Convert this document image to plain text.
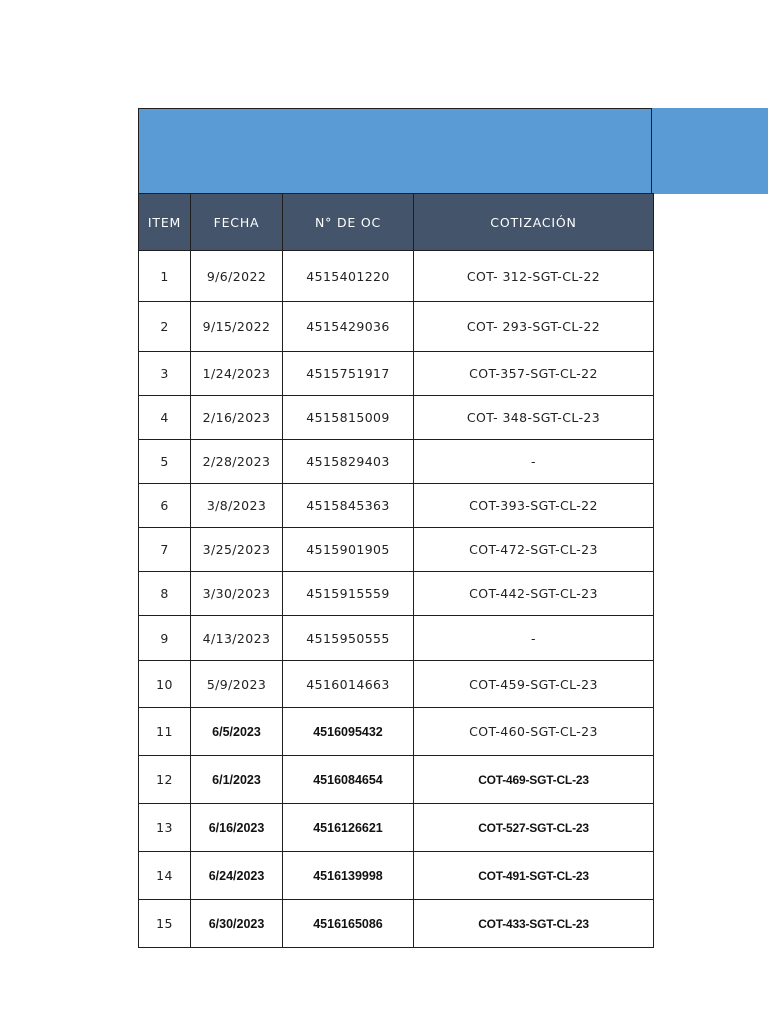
ITEM	FECHA	N° DE OC	COTIZACIÓN
1	9/6/2022	4515401220	COT- 312-SGT-CL-22
2	9/15/2022	4515429036	COT- 293-SGT-CL-22
3	1/24/2023	4515751917	COT-357-SGT-CL-22
4	2/16/2023	4515815009	COT- 348-SGT-CL-23
5	2/28/2023	4515829403	-
6	3/8/2023	4515845363	COT-393-SGT-CL-22
7	3/25/2023	4515901905	COT-472-SGT-CL-23
8	3/30/2023	4515915559	COT-442-SGT-CL-23
9	4/13/2023	4515950555	-
10	5/9/2023	4516014663	COT-459-SGT-CL-23
11	6/5/2023	4516095432	COT-460-SGT-CL-23
12	6/1/2023	4516084654	COT-469-SGT-CL-23
13	6/16/2023	4516126621	COT-527-SGT-CL-23
14	6/24/2023	4516139998	COT-491-SGT-CL-23
15	6/30/2023	4516165086	COT-433-SGT-CL-23
